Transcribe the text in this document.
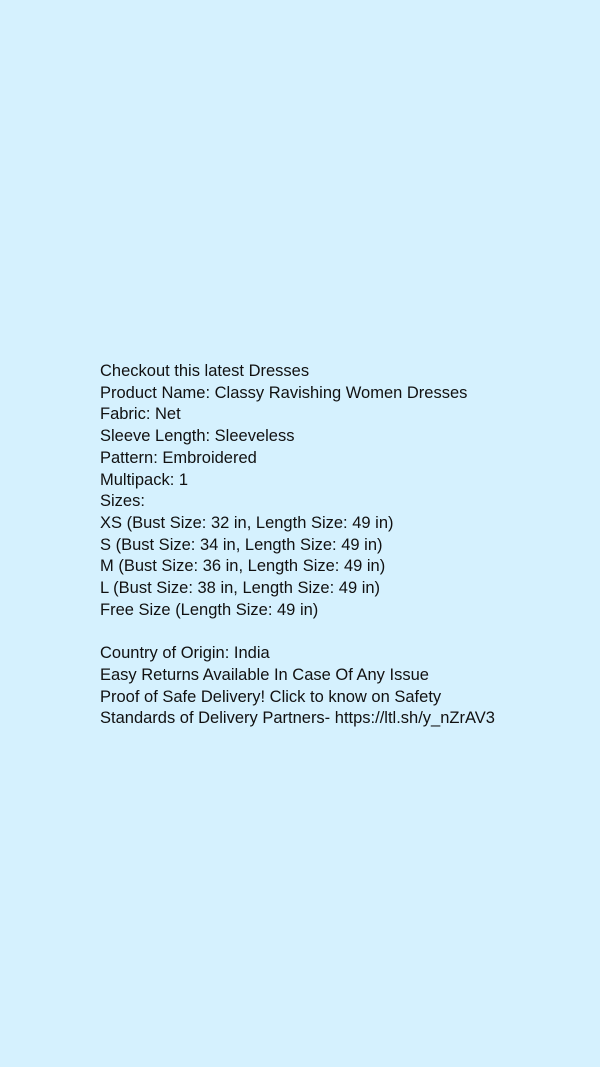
Checkout this latest Dresses

Product Name: Classy Ravishing Women Dresses

Fabric: Net

Sleeve Length: Sleeveless

Pattern: Embroidered

Multipack: 1

Sizes:

XS (Bust Size: 32 in, Length Size: 49 in)

S (Bust Size: 34 in, Length Size: 49 in)

M (Bust Size: 36 in, Length Size: 49 in)

L (Bust Size: 38 in, Length Size: 49 in)

Free Size (Length Size: 49 in)

Country of Origin: India

Easy Returns Available In Case Of Any Issue

Proof of Safe Delivery! Click to know on Safety

Standards of Delivery Partners- https://ltl.sh/y_nZrAV3
